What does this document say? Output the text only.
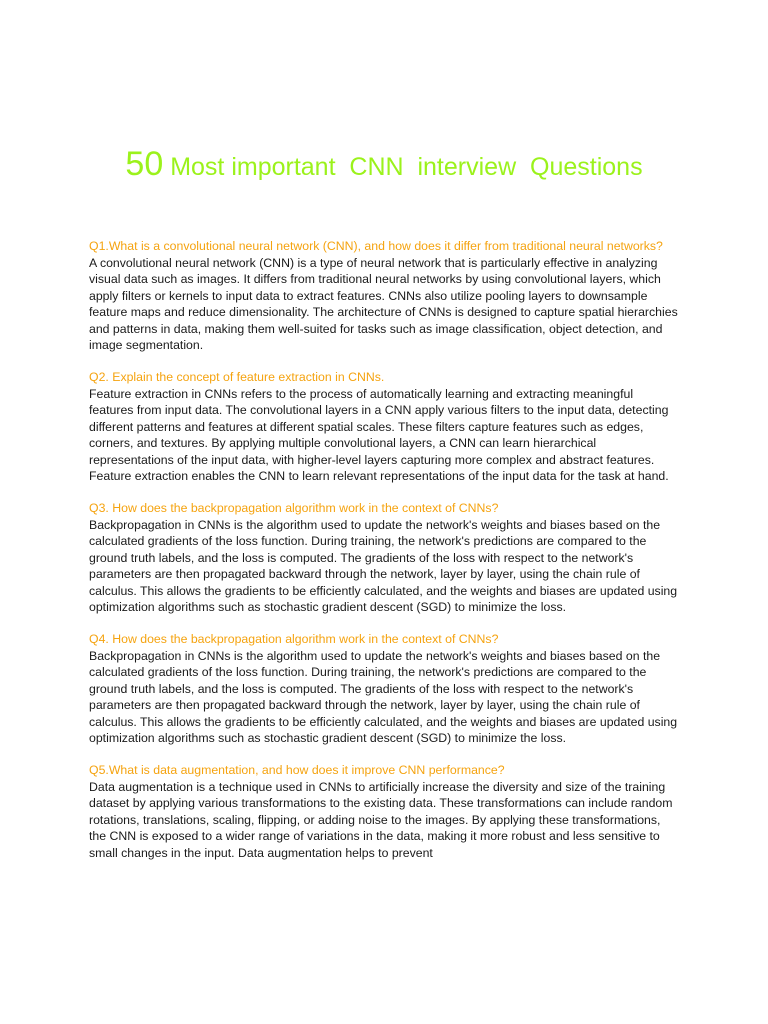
50 Most important  CNN  interview  Questions

Q1.What is a convolutional neural network (CNN), and how does it differ from traditional neural networks?

A convolutional neural network (CNN) is a type of neural network that is particularly effective in analyzing visual data such as images. It differs from traditional neural networks by using convolutional layers, which apply filters or kernels to input data to extract features. CNNs also utilize pooling layers to downsample feature maps and reduce dimensionality. The architecture of CNNs is designed to capture spatial hierarchies and patterns in data, making them well-suited for tasks such as image classification, object detection, and image segmentation.

Q2. Explain the concept of feature extraction in CNNs.

Feature extraction in CNNs refers to the process of automatically learning and extracting meaningful features from input data. The convolutional layers in a CNN apply various filters to the input data, detecting different patterns and features at different spatial scales. These filters capture features such as edges, corners, and textures. By applying multiple convolutional layers, a CNN can learn hierarchical representations of the input data, with higher-level layers capturing more complex and abstract features. Feature extraction enables the CNN to learn relevant representations of the input data for the task at hand.

Q3. How does the backpropagation algorithm work in the context of CNNs?

Backpropagation in CNNs is the algorithm used to update the network's weights and biases based on the calculated gradients of the loss function. During training, the network's predictions are compared to the ground truth labels, and the loss is computed. The gradients of the loss with respect to the network's parameters are then propagated backward through the network, layer by layer, using the chain rule of calculus. This allows the gradients to be efficiently calculated, and the weights and biases are updated using optimization algorithms such as stochastic gradient descent (SGD) to minimize the loss.

Q4. How does the backpropagation algorithm work in the context of CNNs?

Backpropagation in CNNs is the algorithm used to update the network's weights and biases based on the calculated gradients of the loss function. During training, the network's predictions are compared to the ground truth labels, and the loss is computed. The gradients of the loss with respect to the network's parameters are then propagated backward through the network, layer by layer, using the chain rule of calculus. This allows the gradients to be efficiently calculated, and the weights and biases are updated using optimization algorithms such as stochastic gradient descent (SGD) to minimize the loss.

Q5.What is data augmentation, and how does it improve CNN performance?

Data augmentation is a technique used in CNNs to artificially increase the diversity and size of the training dataset by applying various transformations to the existing data. These transformations can include random rotations, translations, scaling, flipping, or adding noise to the images. By applying these transformations, the CNN is exposed to a wider range of variations in the data, making it more robust and less sensitive to small changes in the input. Data augmentation helps to prevent
